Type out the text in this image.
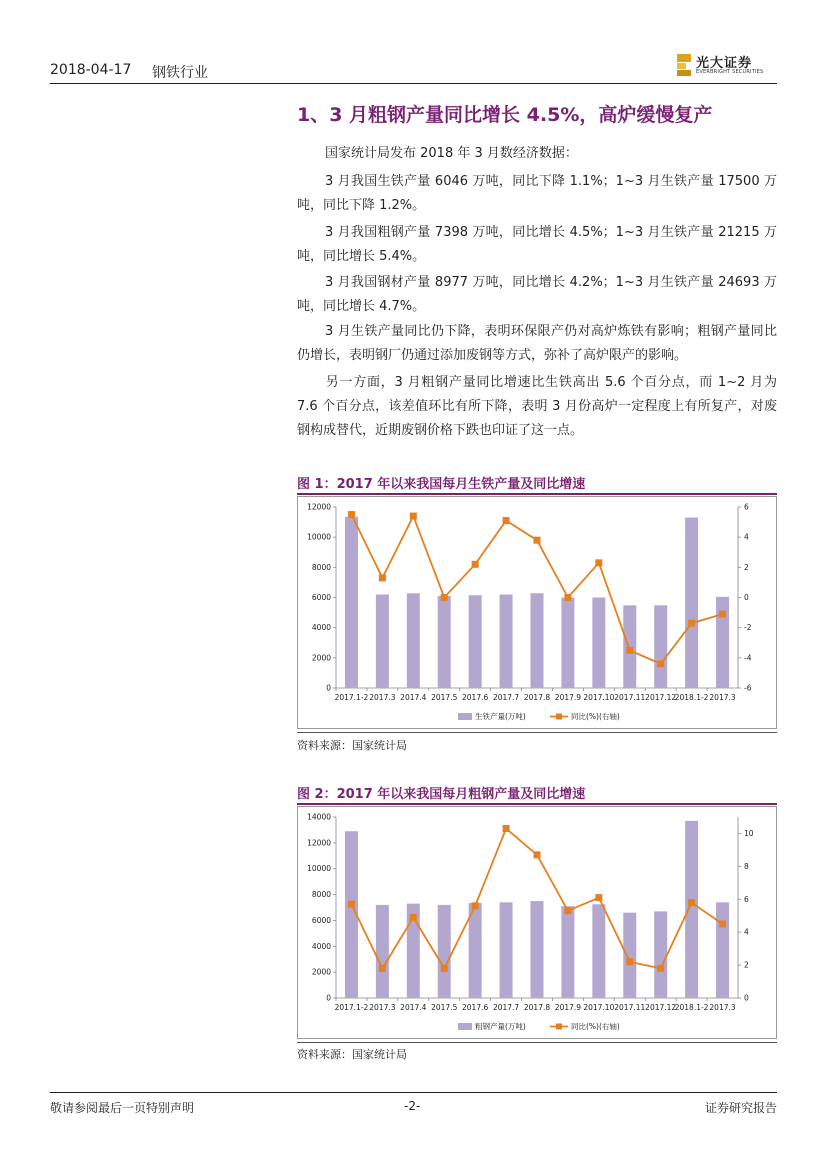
2018-04-17 钢铁行业
光大证券
EVERBRIGHT SECURITIES
1、3 月粗钢产量同比增长 4.5%，高炉缓慢复产

国家统计局发布 2018 年 3 月数经济数据：

3 月我国生铁产量 6046 万吨，同比下降 1.1%；1~3 月生铁产量 17500 万吨，同比下降 1.2%。

3 月我国粗钢产量 7398 万吨，同比增长 4.5%；1~3 月生铁产量 21215 万吨，同比增长 5.4%。

3 月我国钢材产量 8977 万吨，同比增长 4.2%；1~3 月生铁产量 24693 万吨，同比增长 4.7%。

3 月生铁产量同比仍下降，表明环保限产仍对高炉炼铁有影响；粗钢产量同比仍增长，表明钢厂仍通过添加废钢等方式，弥补了高炉限产的影响。

另一方面，3 月粗钢产量同比增速比生铁高出 5.6 个百分点，而 1~2 月为 7.6 个百分点，该差值环比有所下降，表明 3 月份高炉一定程度上有所复产，对废钢构成替代，近期废钢价格下跌也印证了这一点。

图 1：2017 年以来我国每月生铁产量及同比增速
0
2000
4000
6000
8000
10000
12000
-6
-4
-2
0
2
4
6
2017.1-2 2017.3 2017.4 2017.5 2017.6 2017.7 2017.8 2017.9 2017.10 2017.11 2017.12
2018.1-2 2017.3
生铁产量(万吨)	同比(%)(右轴)
资料来源：国家统计局
图 2：2017 年以来我国每月粗钢产量及同比增速
0
2000
4000
6000
8000
10000
12000
14000
0
2
4
6
8
10
2017.1-2 2017.3 2017.4 2017.5 2017.6 2017.7 2017.8 2017.9 2017.10 2017.11 2017.12
2018.1-2 2017.3
粗钢产量(万吨)	同比(%)(右轴)
资料来源：国家统计局
敬请参阅最后一页特别声明	-2-	证券研究报告
